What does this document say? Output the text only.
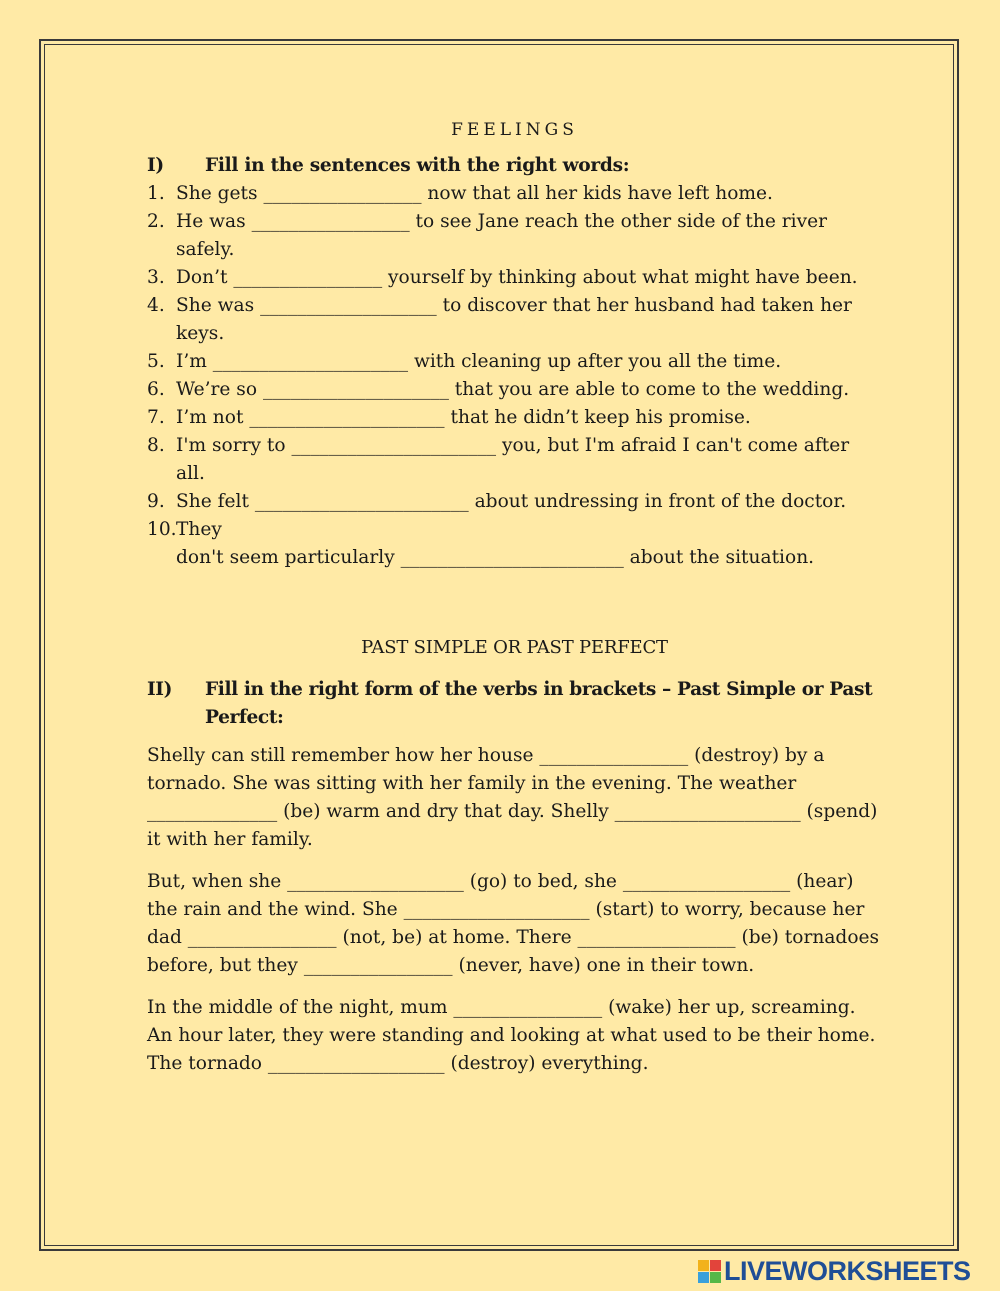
FEELINGS
I)	Fill in the sentences with the right words:
1. She gets _________________ now that all her kids have left home.
2. He was _________________ to see Jane reach the other side of the river safely.
3. Don’t ________________ yourself by thinking about what might have been.
4. She was ___________________ to discover that her husband had taken her keys.
5. I’m _____________________ with cleaning up after you all the time.
6. We’re so ____________________ that you are able to come to the wedding.
7. I’m not _____________________ that he didn’t keep his promise.
8. I'm sorry to ______________________ you, but I'm afraid I can't come after all.
9. She felt _______________________ about undressing in front of the doctor.
10. They
don't seem particularly ________________________ about the situation.
PAST SIMPLE OR PAST PERFECT
II)	Fill in the right form of the verbs in brackets – Past Simple or Past Perfect:

Shelly can still remember how her house ________________ (destroy) by a tornado. She was sitting with her family in the evening. The weather ______________ (be) warm and dry that day. Shelly ____________________ (spend) it with her family.

But, when she ___________________ (go) to bed, she __________________ (hear) the rain and the wind. She ____________________ (start) to worry, because her dad ________________ (not, be) at home. There _________________ (be) tornadoes before, but they ________________ (never, have) one in their town.

In the middle of the night, mum ________________ (wake) her up, screaming. An hour later, they were standing and looking at what used to be their home. The tornado ___________________ (destroy) everything.

LIVEWORKSHEETS
